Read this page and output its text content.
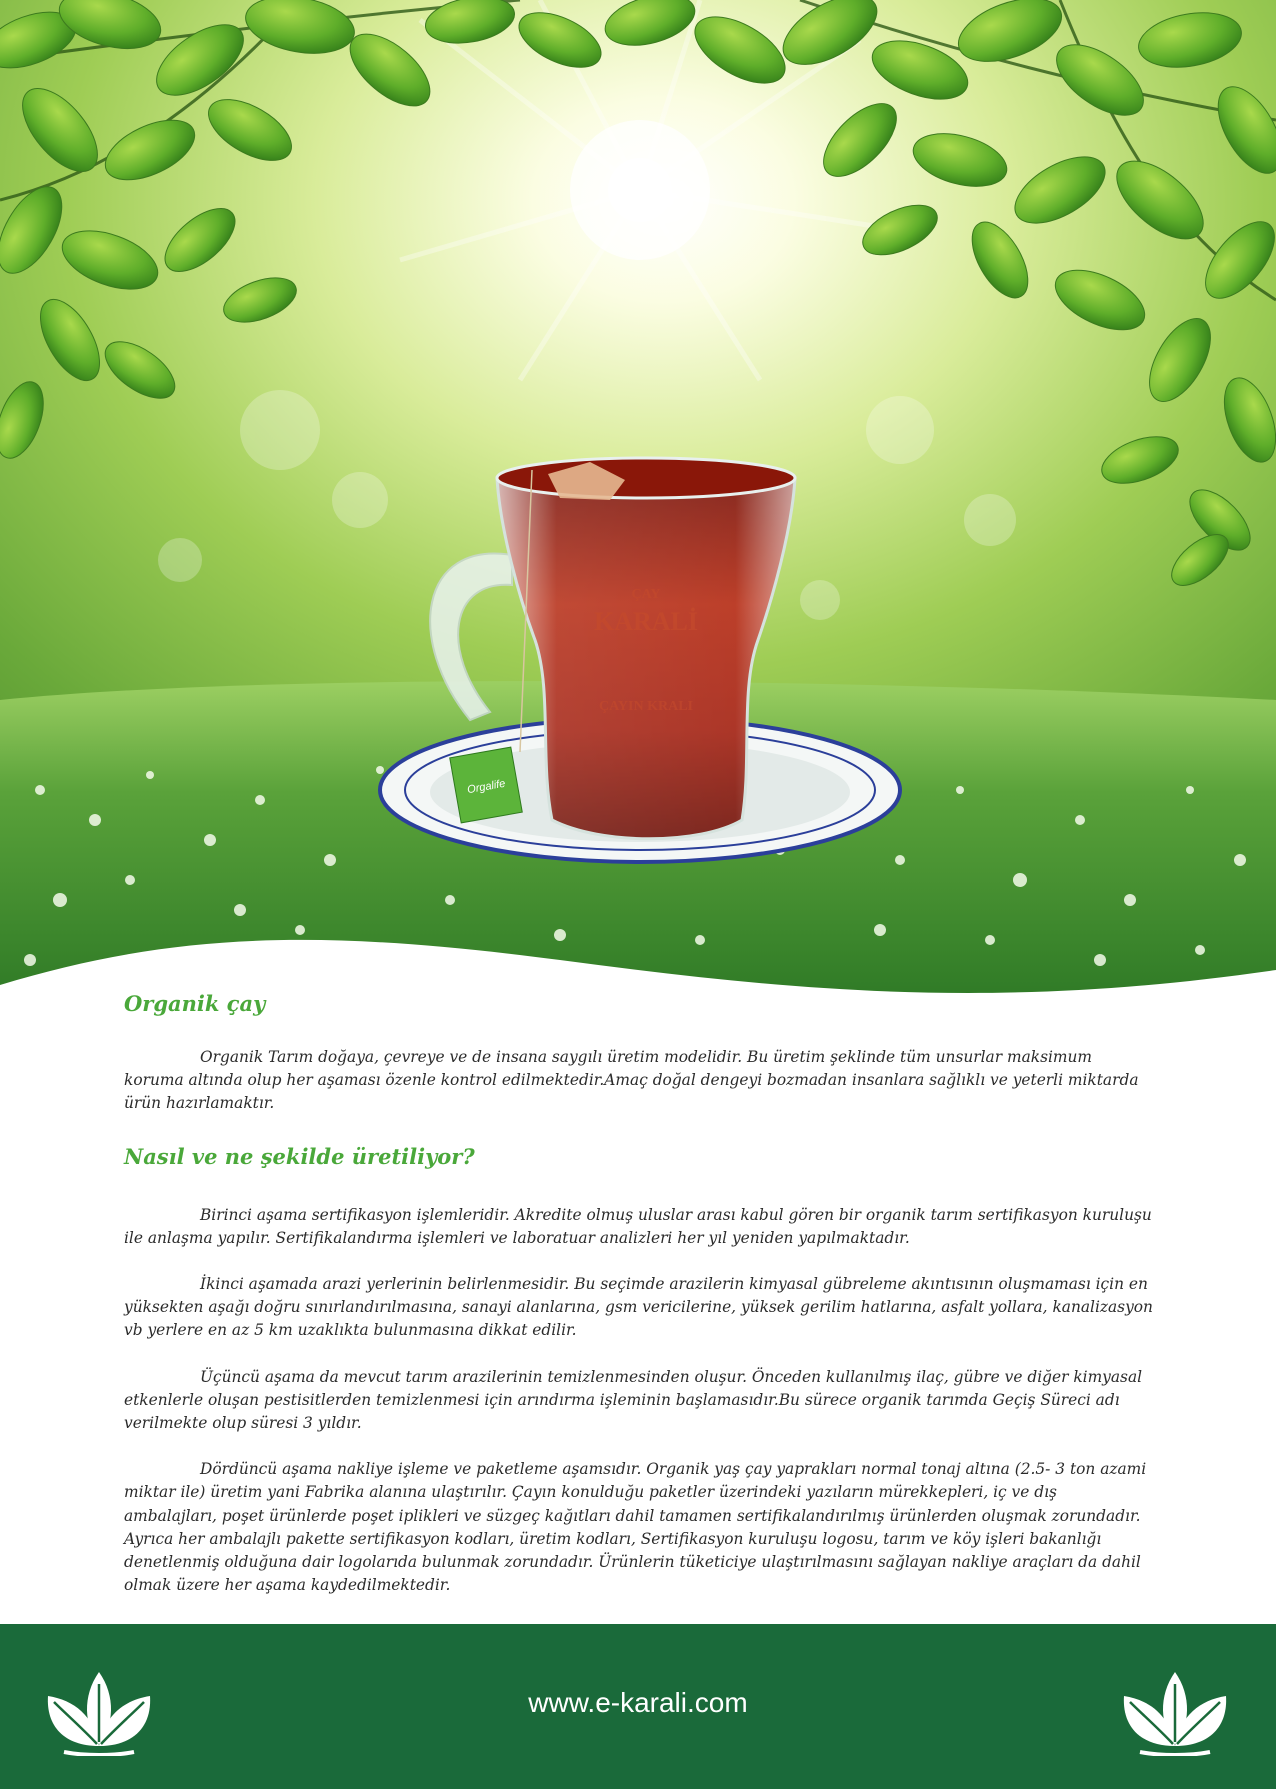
KARALİ
ÇAY
ÇAYIN KRALI
Orgalife
Organik çay

Organik Tarım doğaya, çevreye ve de insana saygılı üretim modelidir. Bu üretim şeklinde tüm unsurlar maksimum koruma altında olup her aşaması özenle kontrol edilmektedir.Amaç doğal dengeyi bozmadan insanlara sağlıklı ve yeterli miktarda ürün hazırlamaktır.

Nasıl ve ne şekilde üretiliyor?

Birinci aşama sertifikasyon işlemleridir. Akredite olmuş uluslar arası kabul gören bir organik tarım sertifikasyon kuruluşu ile anlaşma yapılır. Sertifikalandırma işlemleri ve laboratuar analizleri her yıl yeniden yapılmaktadır.

İkinci aşamada arazi yerlerinin belirlenmesidir. Bu seçimde arazilerin kimyasal gübreleme akıntısının oluşmaması için en yüksekten aşağı doğru sınırlandırılmasına, sanayi alanlarına, gsm vericilerine, yüksek gerilim hatlarına, asfalt yollara, kanalizasyon vb yerlere en az 5 km uzaklıkta bulunmasına dikkat edilir.

Üçüncü aşama da mevcut tarım arazilerinin temizlenmesinden oluşur. Önceden kullanılmış ilaç, gübre ve diğer kimyasal etkenlerle oluşan pestisitlerden temizlenmesi için arındırma işleminin başlamasıdır.Bu sürece organik tarımda Geçiş Süreci adı verilmekte olup süresi 3 yıldır.

Dördüncü aşama nakliye işleme ve paketleme aşamsıdır. Organik yaş çay yaprakları normal tonaj altına (2.5- 3 ton azami miktar ile) üretim yani Fabrika alanına ulaştırılır. Çayın konulduğu paketler üzerindeki yazıların mürekkepleri, iç ve dış ambalajları, poşet ürünlerde poşet iplikleri ve süzgeç kağıtları dahil tamamen sertifikalandırılmış ürünlerden oluşmak zorundadır. Ayrıca her ambalajlı pakette sertifikasyon kodları, üretim kodları, Sertifikasyon kuruluşu logosu, tarım ve köy işleri bakanlığı denetlenmiş olduğuna dair logolarıda bulunmak zorundadır. Ürünlerin tüketiciye ulaştırılmasını sağlayan nakliye araçları da dahil olmak üzere her aşama kaydedilmektedir.

www.e-karali.com
